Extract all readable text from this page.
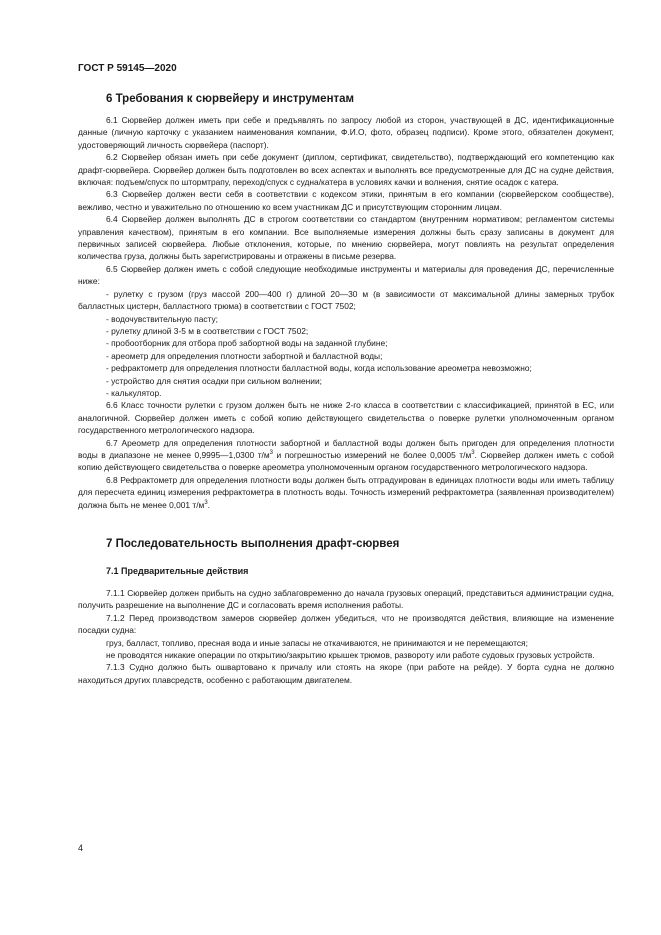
ГОСТ Р 59145—2020
6 Требования к сюрвейеру и инструментам

6.1 Сюрвейер должен иметь при себе и предъявлять по запросу любой из сторон, участвующей в ДС, идентификационные данные (личную карточку с указанием наименования компании, Ф.И.О, фото, образец подписи). Кроме этого, обязателен документ, удостоверяющий личность сюрвейера (паспорт).

6.2 Сюрвейер обязан иметь при себе документ (диплом, сертификат, свидетельство), подтверждающий его компетенцию как драфт-сюрвейера. Сюрвейер должен быть подготовлен во всех аспектах и выполнять все предусмотренные для ДС на судне действия, включая: подъем/спуск по штормтрапу, переход/спуск с судна/катера в условиях качки и волнения, снятие осадок с катера.

6.3 Сюрвейер должен вести себя в соответствии с кодексом этики, принятым в его компании (сюрвейерском сообществе), вежливо, честно и уважительно по отношению ко всем участникам ДС и присутствующим сторонним лицам.

6.4 Сюрвейер должен выполнять ДС в строгом соответствии со стандартом (внутренним нормативом; регламентом системы управления качеством), принятым в его компании. Все выполняемые измерения должны быть сразу записаны в документ для первичных записей сюрвейера. Любые отклонения, которые, по мнению сюрвейера, могут повлиять на результат определения количества груза, должны быть зарегистрированы и отражены в письме резерва.

6.5 Сюрвейер должен иметь с собой следующие необходимые инструменты и материалы для проведения ДС, перечисленные ниже:

- рулетку с грузом (груз массой 200—400 г) длиной 20—30 м (в зависимости от максимальной длины замерных трубок балластных цистерн, балластного трюма) в соответствии с ГОСТ 7502;

- водочувствительную пасту;

- рулетку длиной 3-5 м в соответствии с ГОСТ 7502;

- пробоотборник для отбора проб забортной воды на заданной глубине;

- ареометр для определения плотности забортной и балластной воды;

- рефрактометр для определения плотности балластной воды, когда использование ареометра невозможно;

- устройство для снятия осадки при сильном волнении;

- калькулятор.

6.6 Класс точности рулетки с грузом должен быть не ниже 2-го класса в соответствии с классификацией, принятой в ЕС, или аналогичной. Сюрвейер должен иметь с собой копию действующего свидетельства о поверке рулетки уполномоченным органом государственного метрологического надзора.

6.7 Ареометр для определения плотности забортной и балластной воды должен быть пригоден для определения плотности воды в диапазоне не менее 0,9995—1,0300 $т/м^3$ и погрешностью измерений не более 0,0005 $т/м^3$. Сюрвейер должен иметь с собой копию действующего свидетельства о поверке ареометра уполномоченным органом государственного метрологического надзора.

6.8 Рефрактометр для определения плотности воды должен быть отградуирован в единицах плотности воды или иметь таблицу для пересчета единиц измерения рефрактометра в плотность воды. Точность измерений рефрактометра (заявленная производителем) должна быть не менее 0,001 $т/м^3$.

7 Последовательность выполнения драфт-сюрвея
7.1 Предварительные действия

7.1.1 Сюрвейер должен прибыть на судно заблаговременно до начала грузовых операций, представиться администрации судна, получить разрешение на выполнение ДС и согласовать время исполнения работы.

7.1.2 Перед производством замеров сюрвейер должен убедиться, что не производятся действия, влияющие на изменение посадки судна:

груз, балласт, топливо, пресная вода и иные запасы не откачиваются, не принимаются и не перемещаются;

не проводятся никакие операции по открытию/закрытию крышек трюмов, развороту или работе судовых грузовых устройств.

7.1.3 Судно должно быть ошвартовано к причалу или стоять на якоре (при работе на рейде). У борта судна не должно находиться других плавсредств, особенно с работающим двигателем.

4
